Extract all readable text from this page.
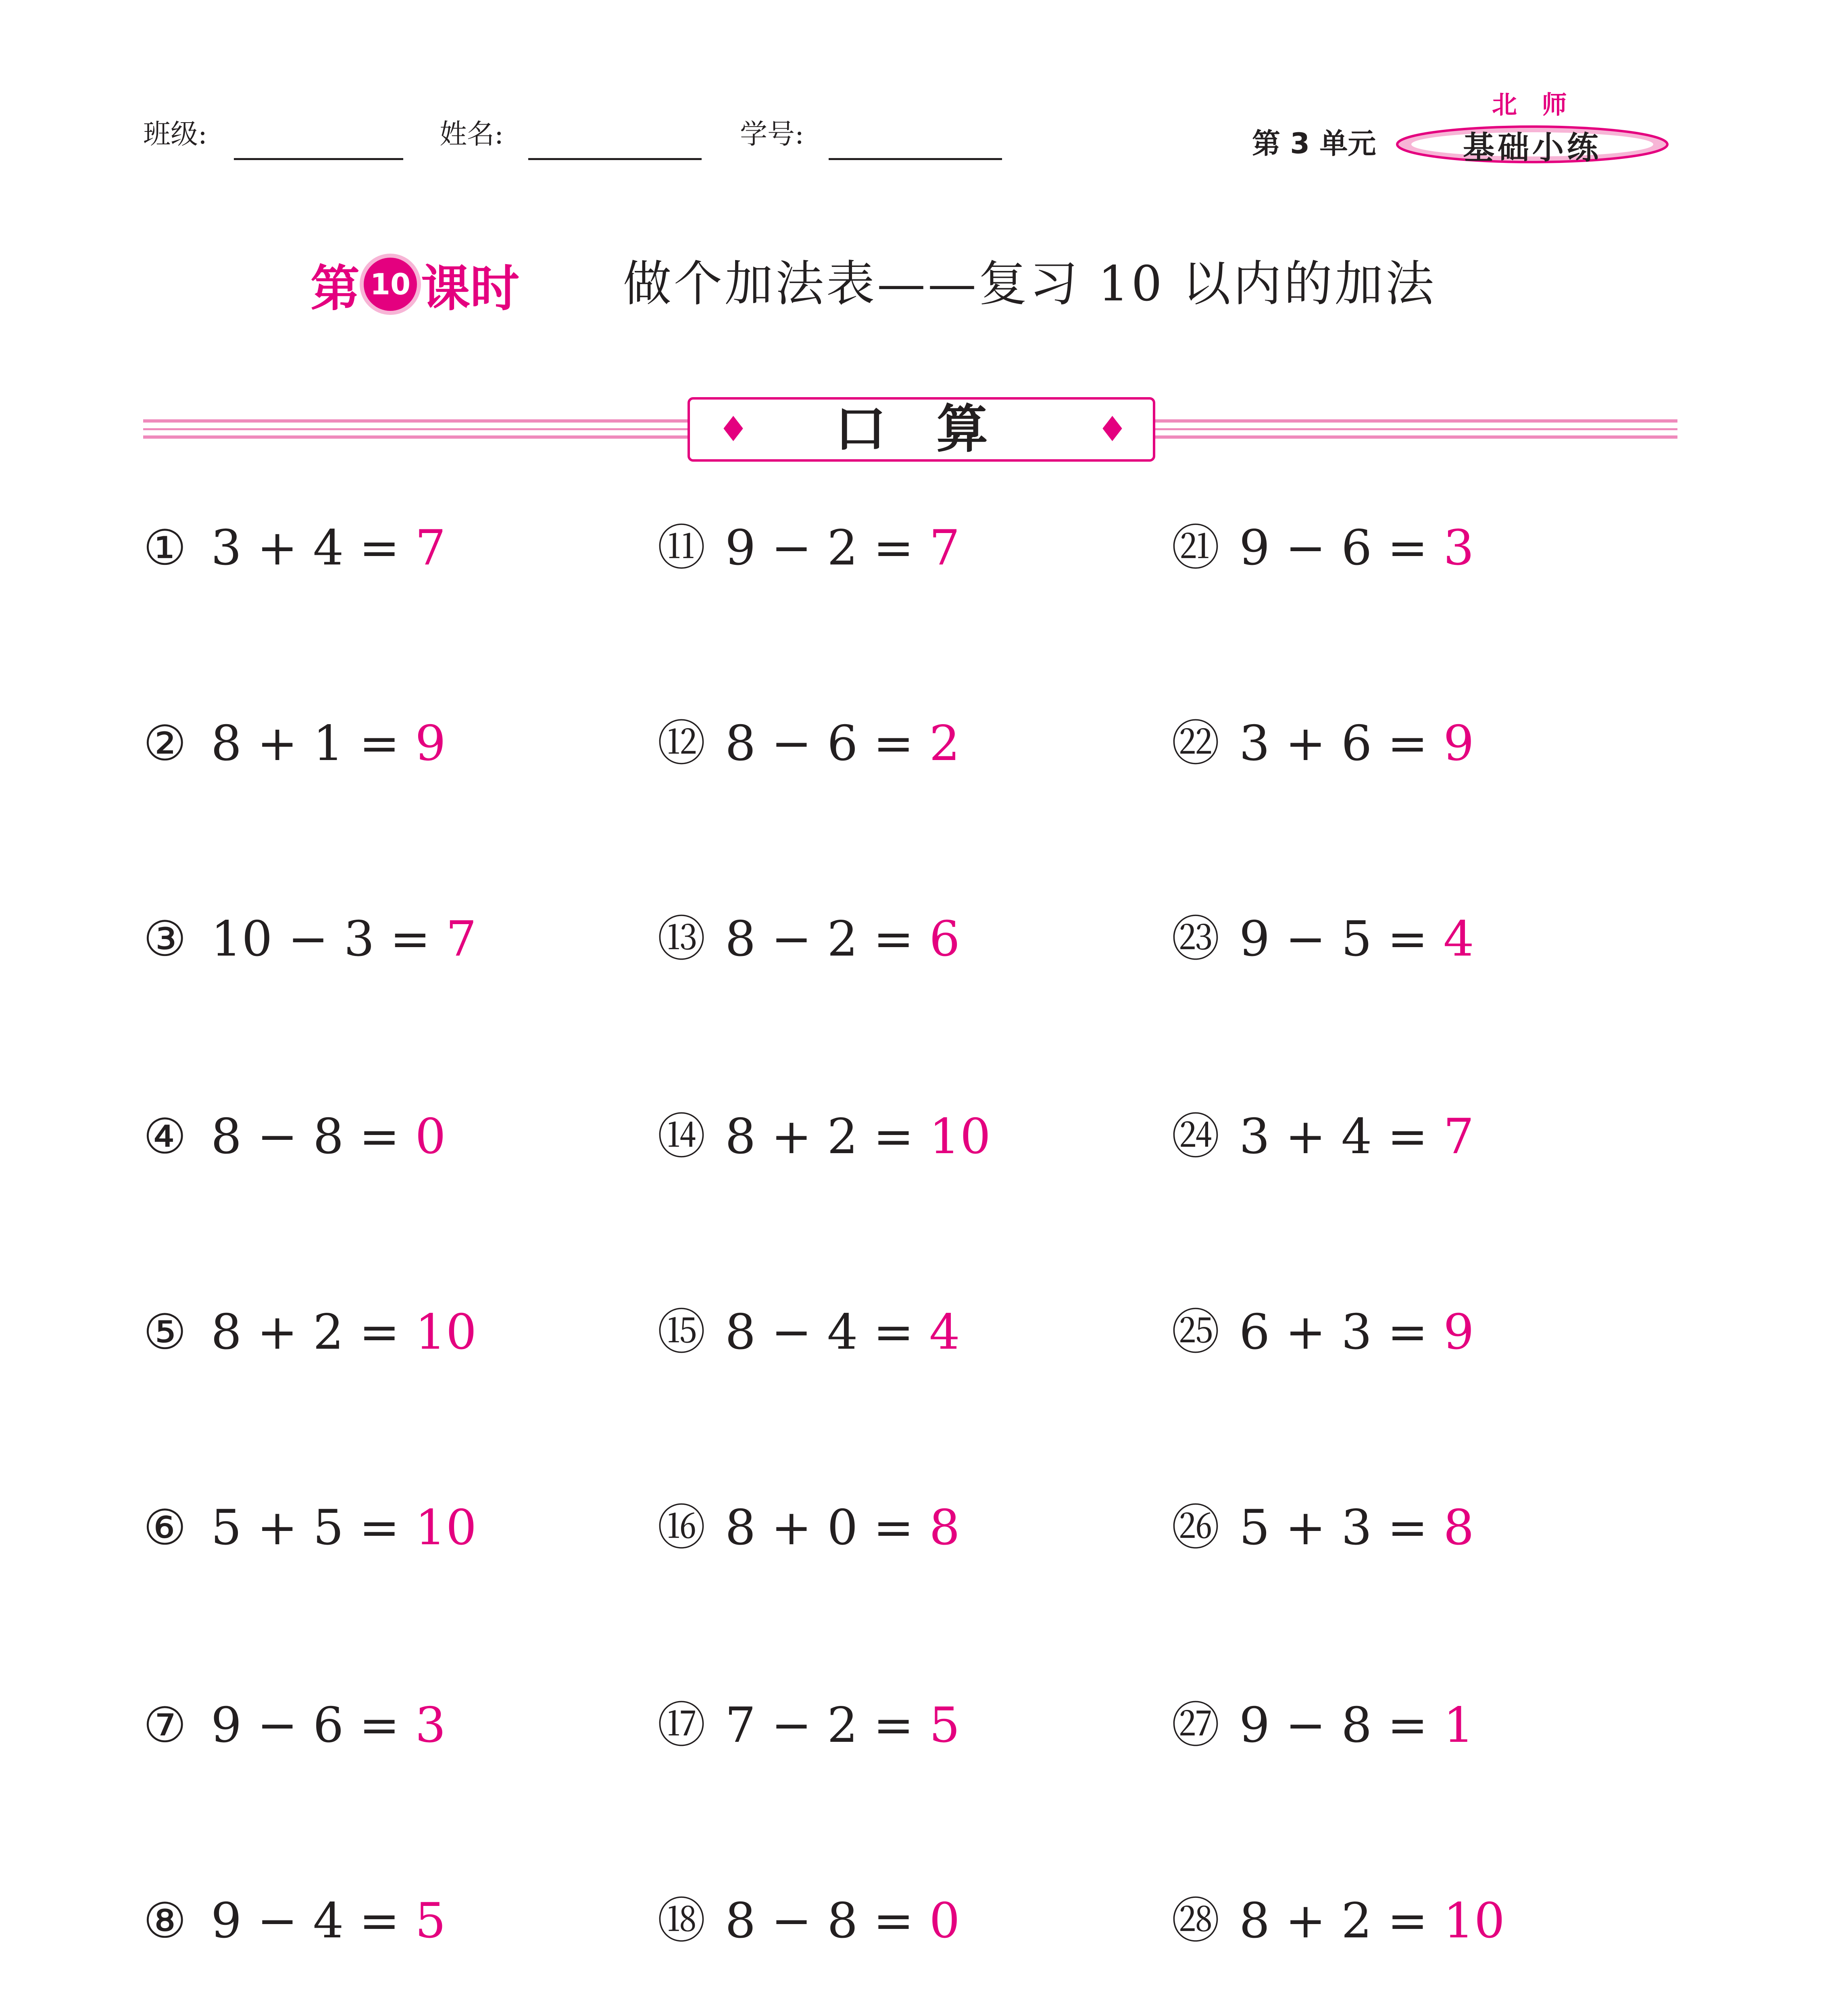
班级:	姓名:	学号:	第 3 单元
北 师
基础小练
第 10 课时 做个加法表——复习 10 以内的加法
♦ 口 算	♦
① 3 + 4 = 7
② 8 + 1 = 9
③ 10 − 3 = 7
④ 8 − 8 = 0
⑤ 8 + 2 = 10
⑥ 5 + 5 = 10
⑦ 9 − 6 = 3
⑧ 9 − 4 = 5
⑪ 9 − 2 = 7
⑫ 8 − 6 = 2
⑬ 8 − 2 = 6
⑭ 8 + 2 = 10
⑮ 8 − 4 = 4
⑯ 8 + 0 = 8
⑰ 7 − 2 = 5
⑱ 8 − 8 = 0
㉑ 9 − 6 = 3
㉒ 3 + 6 = 9
㉓ 9 − 5 = 4
㉔ 3 + 4 = 7
㉕ 6 + 3 = 9
㉖ 5 + 3 = 8
㉗ 9 − 8 = 1
㉘ 8 + 2 = 10
